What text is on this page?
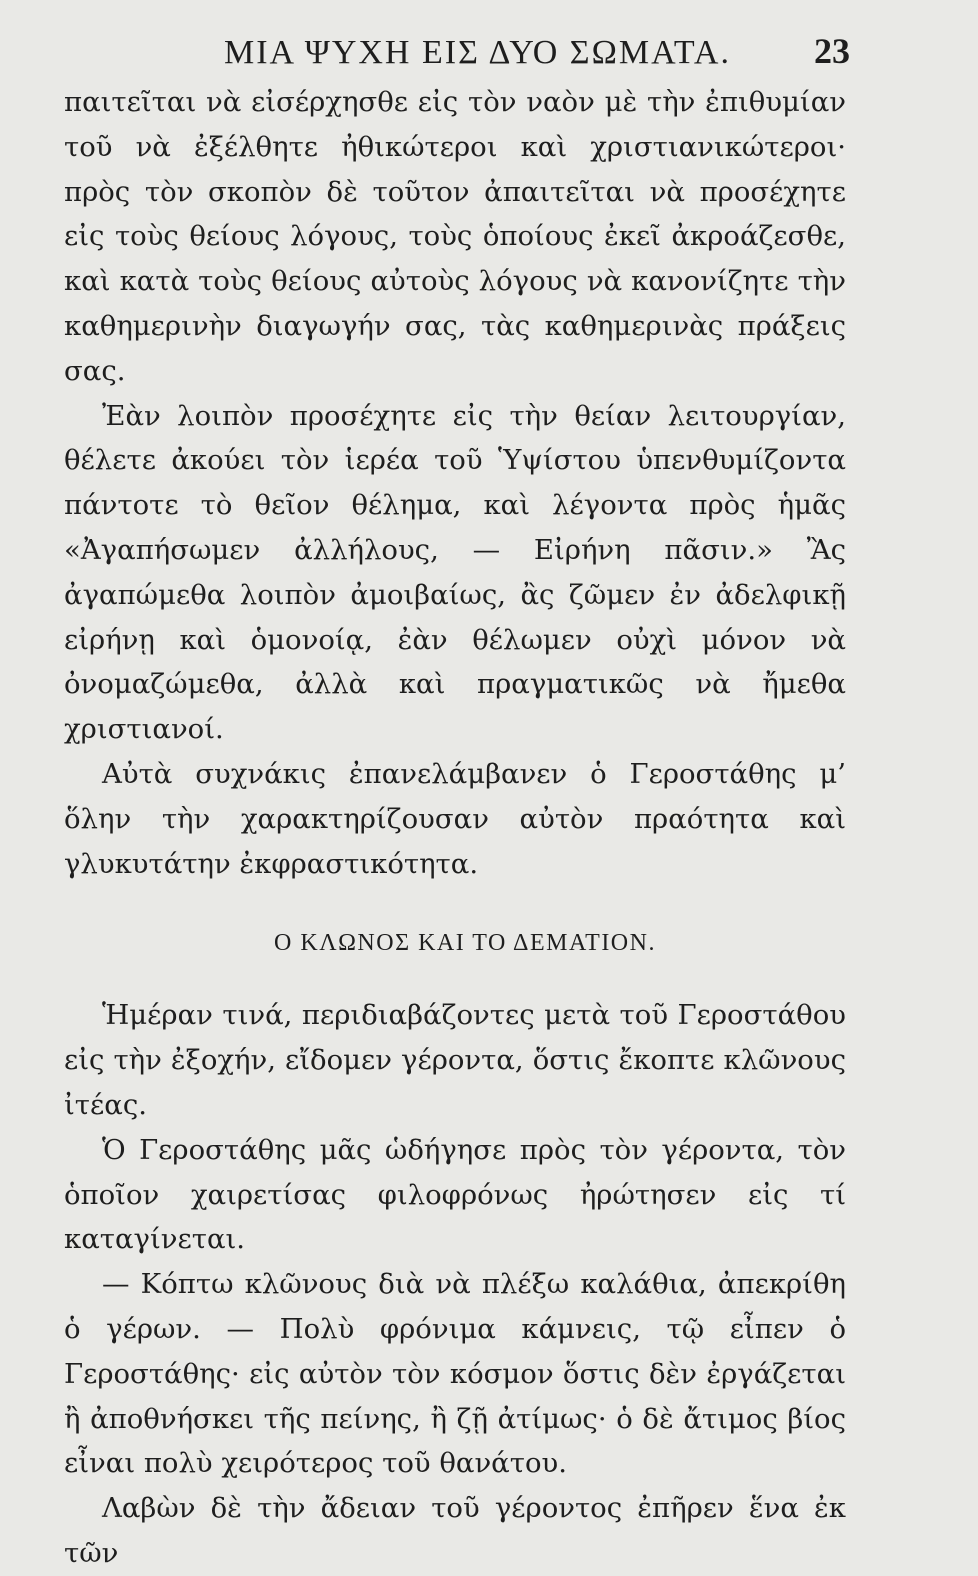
ΜΙΑ ΨΥΧΗ ΕΙΣ ΔΥΟ ΣΩΜΑΤΑ. 23

παιτεῖται νὰ εἰσέρχησθε εἰς τὸν ναὸν μὲ τὴν ἐπιθυμίαν τοῦ νὰ ἐξέλθητε ἠθικώτεροι καὶ χριστιανικώτεροι· πρὸς τὸν σκοπὸν δὲ τοῦτον ἀπαιτεῖται νὰ προσέχητε εἰς τοὺς θείους λόγους, τοὺς ὁποίους ἐκεῖ ἀκροάζεσθε, καὶ κατὰ τοὺς θείους αὐτοὺς λόγους νὰ κανονίζητε τὴν καθημερινὴν διαγωγήν σας, τὰς καθημερινὰς πράξεις σας.

Ἐὰν λοιπὸν προσέχητε εἰς τὴν θείαν λειτουργίαν, θέλετε ἀκούει τὸν ἱερέα τοῦ Ὑψίστου ὑπενθυμίζοντα πάντοτε τὸ θεῖον θέλημα, καὶ λέγοντα πρὸς ἡμᾶς «Ἀγαπήσωμεν ἀλλήλους, — Εἰρήνη πᾶσιν.» Ἂς ἀγαπώμεθα λοιπὸν ἀμοιβαίως, ἂς ζῶμεν ἐν ἀδελφικῇ εἰρήνῃ καὶ ὁμονοίᾳ, ἐὰν θέλωμεν οὐχὶ μόνον νὰ ὀνομαζώμεθα, ἀλλὰ καὶ πραγματικῶς νὰ ἤμεθα χριστιανοί.

Αὐτὰ συχνάκις ἐπανελάμβανεν ὁ Γεροστάθης μ’ ὅλην τὴν χαρακτηρίζουσαν αὐτὸν πραότητα καὶ γλυκυτάτην ἐκφραστικότητα.

Ο ΚΛΩΝΟΣ ΚΑΙ ΤΟ ΔΕΜΑΤΙΟΝ.

Ἡμέραν τινά, περιδιαβάζοντες μετὰ τοῦ Γεροστάθου εἰς τὴν ἐξοχήν, εἴδομεν γέροντα, ὅστις ἔκοπτε κλῶνους ἰτέας.

Ὁ Γεροστάθης μᾶς ὡδήγησε πρὸς τὸν γέροντα, τὸν ὁποῖον χαιρετίσας φιλοφρόνως ἠρώτησεν εἰς τί καταγίνεται.

— Κόπτω κλῶνους διὰ νὰ πλέξω καλάθια, ἀπεκρίθη ὁ γέρων. — Πολὺ φρόνιμα κάμνεις, τῷ εἶπεν ὁ Γεροστάθης· εἰς αὐτὸν τὸν κόσμον ὅστις δὲν ἐργάζεται ἢ ἀποθνήσκει τῆς πείνης, ἢ ζῇ ἀτίμως· ὁ δὲ ἄτιμος βίος εἶναι πολὺ χειρότερος τοῦ θανάτου.

Λαβὼν δὲ τὴν ἄδειαν τοῦ γέροντος ἐπῆρεν ἕνα ἐκ τῶν
